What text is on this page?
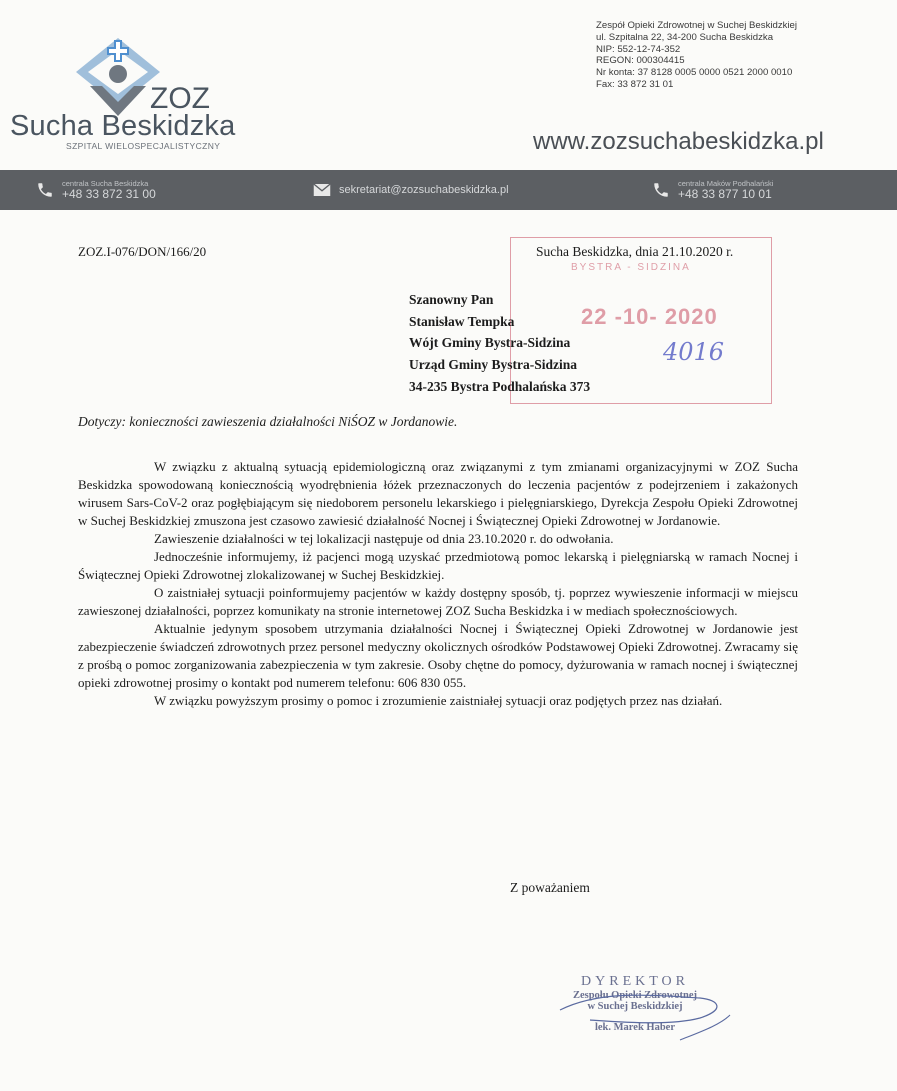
ZOZ
Sucha Beskidzka
SZPITAL WIELOSPECJALISTYCZNY
Zespół Opieki Zdrowotnej w Suchej Beskidzkiej
ul. Szpitalna 22, 34-200 Sucha Beskidzka
NIP: 552-12-74-352
REGON: 000304415
Nr konta: 37 8128 0005 0000 0521 2000 0010
Fax: 33 872 31 01
www.zozsuchabeskidzka.pl
centrala Sucha Beskidzka
+48 33 872 31 00	sekretariat@zozsuchabeskidzka.pl
centrala Maków Podhalański
+48 33 877 10 01
BYSTRA - SIDZINA
22 -10- 2020
4016
ZOZ.I-076/DON/166/20	Sucha Beskidzka, dnia 21.10.2020 r.
Szanowny Pan
Stanisław Tempka
Wójt Gminy Bystra-Sidzina
Urząd Gminy Bystra-Sidzina
34-235 Bystra Podhalańska 373
Dotyczy: konieczności zawieszenia działalności NiŚOZ w Jordanowie.

W związku z aktualną sytuacją epidemiologiczną oraz związanymi z tym zmianami organizacyjnymi w ZOZ Sucha Beskidzka spowodowaną koniecznością wyodrębnienia łóżek przeznaczonych do leczenia pacjentów z podejrzeniem i zakażonych wirusem Sars-CoV-2 oraz pogłębiającym się niedoborem personelu lekarskiego i pielęgniarskiego, Dyrekcja Zespołu Opieki Zdrowotnej w Suchej Beskidzkiej zmuszona jest czasowo zawiesić działalność Nocnej i Świątecznej Opieki Zdrowotnej w Jordanowie.

Zawieszenie działalności w tej lokalizacji następuje od dnia 23.10.2020 r. do odwołania.

Jednocześnie informujemy, iż pacjenci mogą uzyskać przedmiotową pomoc lekarską i pielęgniarską w ramach Nocnej i Świątecznej Opieki Zdrowotnej zlokalizowanej w Suchej Beskidzkiej.

O zaistniałej sytuacji poinformujemy pacjentów w każdy dostępny sposób, tj. poprzez wywieszenie informacji w miejscu zawieszonej działalności, poprzez komunikaty na stronie internetowej ZOZ Sucha Beskidzka i w mediach społecznościowych.

Aktualnie jedynym sposobem utrzymania działalności Nocnej i Świątecznej Opieki Zdrowotnej w Jordanowie jest zabezpieczenie świadczeń zdrowotnych przez personel medyczny okolicznych ośrodków Podstawowej Opieki Zdrowotnej. Zwracamy się z prośbą o pomoc zorganizowania zabezpieczenia w tym zakresie. Osoby chętne do pomocy, dyżurowania w ramach nocnej i świątecznej opieki zdrowotnej prosimy o kontakt pod numerem telefonu: 606 830 055.

W związku powyższym prosimy o pomoc i zrozumienie zaistniałej sytuacji oraz podjętych przez nas działań.

Z poważaniem
DYREKTOR
Zespołu Opieki Zdrowotnej
w Suchej Beskidzkiej
lek. Marek Haber
